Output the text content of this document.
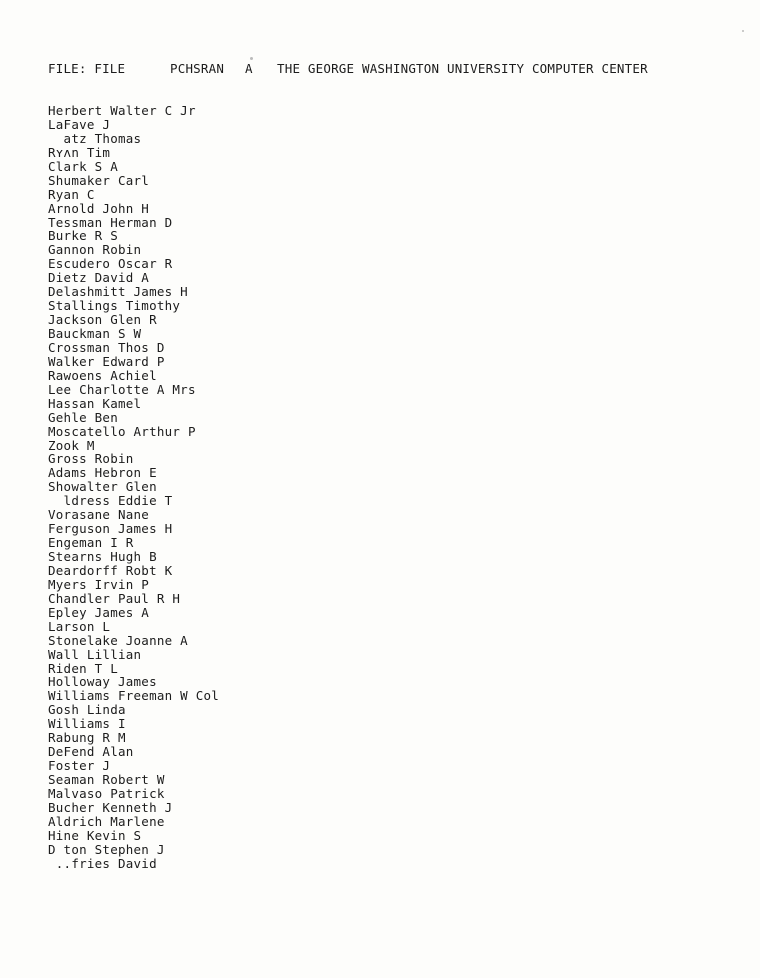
FILE: FILE	PCHSRAN A THE GEORGE WASHINGTON UNIVERSITY COMPUTER CENTER
Herbert Walter C Jr
LaFave J
atz Thomas
Rʏʌn Tim
Clark S A
Shumaker Carl
Ryan C
Arnold John H
Tessman Herman D
Burke R S
Gannon Robin
Escudero Oscar R
Dietz David A
Delashmitt James H
Stallings Timothy
Jackson Glen R
Bauckman S W
Crossman Thos D
Walker Edward P
Rawoens Achiel
Lee Charlotte A Mrs
Hassan Kamel
Gehle Ben
Moscatello Arthur P
Zook M
Gross Robin
Adams Hebron E
Showalter Glen
ldress Eddie T
Vorasane Nane
Ferguson James H
Engeman I R
Stearns Hugh B
Deardorff Robt K
Myers Irvin P
Chandler Paul R H
Epley James A
Larson L
Stonelake Joanne A
Wall Lillian
Riden T L
Holloway James
Williams Freeman W Col
Gosh Linda
Williams I
Rabung R M
DeFend Alan
Foster J
Seaman Robert W
Malvaso Patrick
Bucher Kenneth J
Aldrich Marlene
Hine Kevin S
D ton Stephen J
..fries David
